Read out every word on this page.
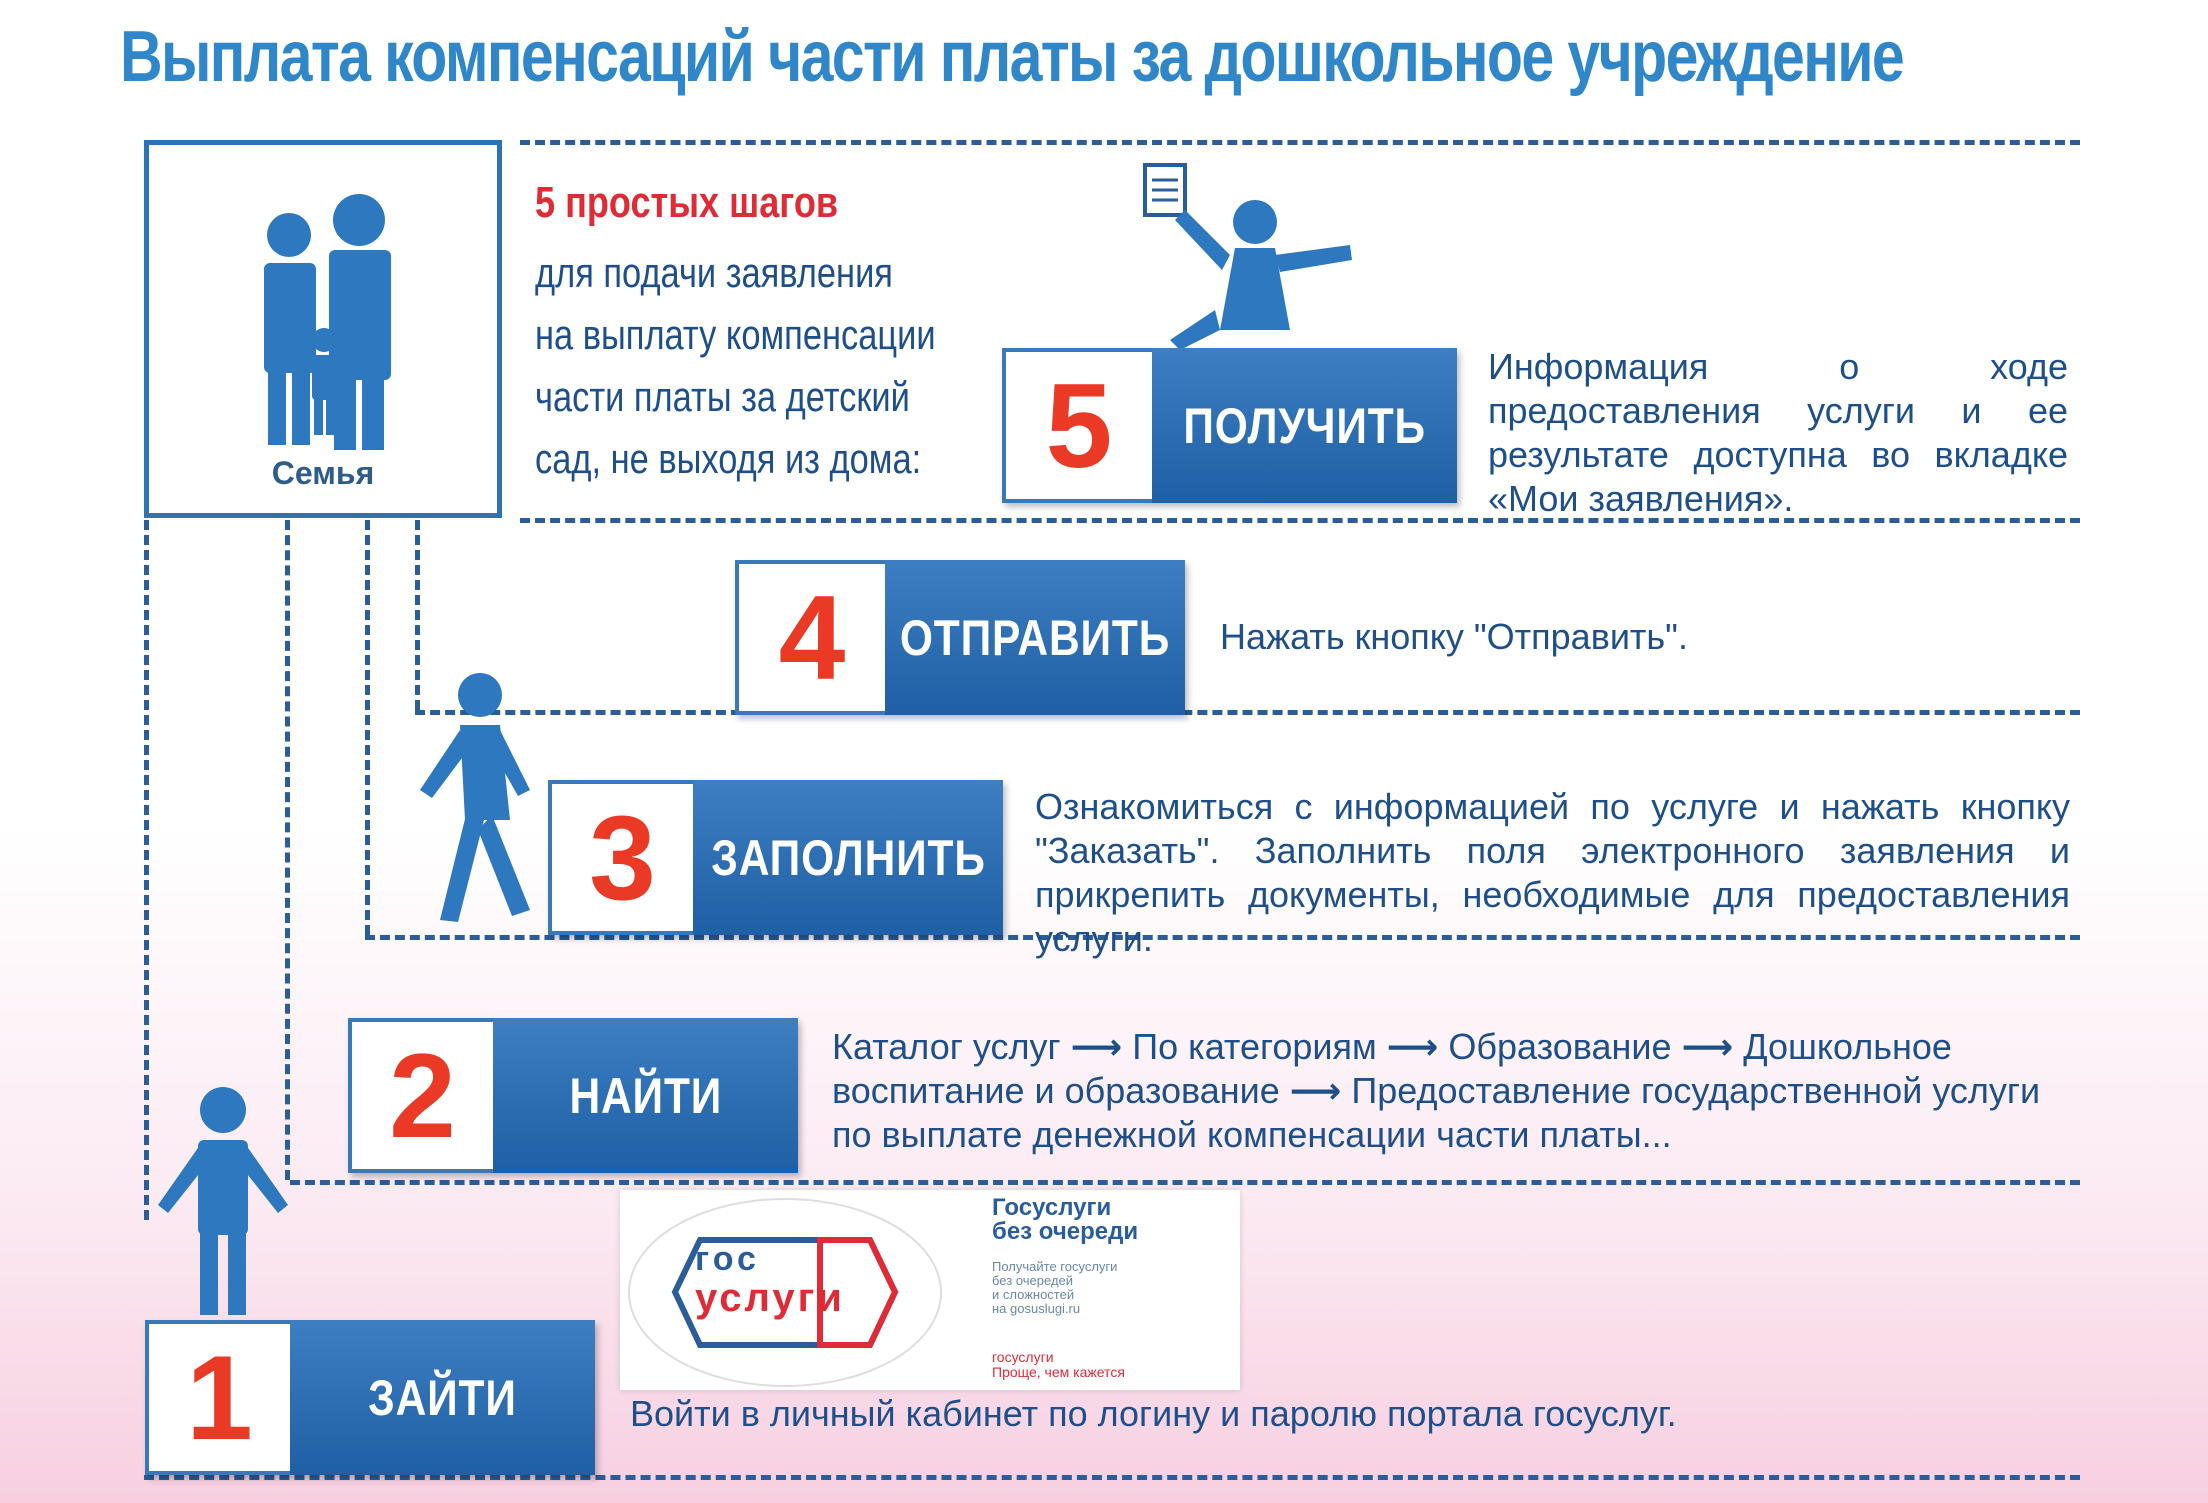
Выплата компенсаций части платы за дошкольное учреждение
Семья
5 простых шагов
для подачи заявления
на выплату компенсации
части платы за детский
сад, не выходя из дома:	5	ПОЛУЧИТЬ
Информация о ходе предоставления услуги и ее результате доступна во вкладке «Мои заявления».
4	ОТПРАВИТЬ Нажать кнопку "Отправить".
3	ЗАПОЛНИТЬ
Ознакомиться с информацией по услуге и нажать кнопку "Заказать". Заполнить поля электронного заявления и прикрепить документы, необходимые для предоставления услуги.
2	НАЙТИ
Каталог услуг ⟶ По категориям ⟶ Образование ⟶ Дошкольное воспитание и образование ⟶ Предоставление государственной услуги по выплате денежной компенсации части платы...
гос
услуги
Госуслуги
без очереди
Получайте госуслуги
без очередей
и сложностей
на gosuslugi.ru
госуслуги
Проще, чем кажется
1	ЗАЙТИ	Войти в личный кабинет по логину и паролю портала госуслуг.
